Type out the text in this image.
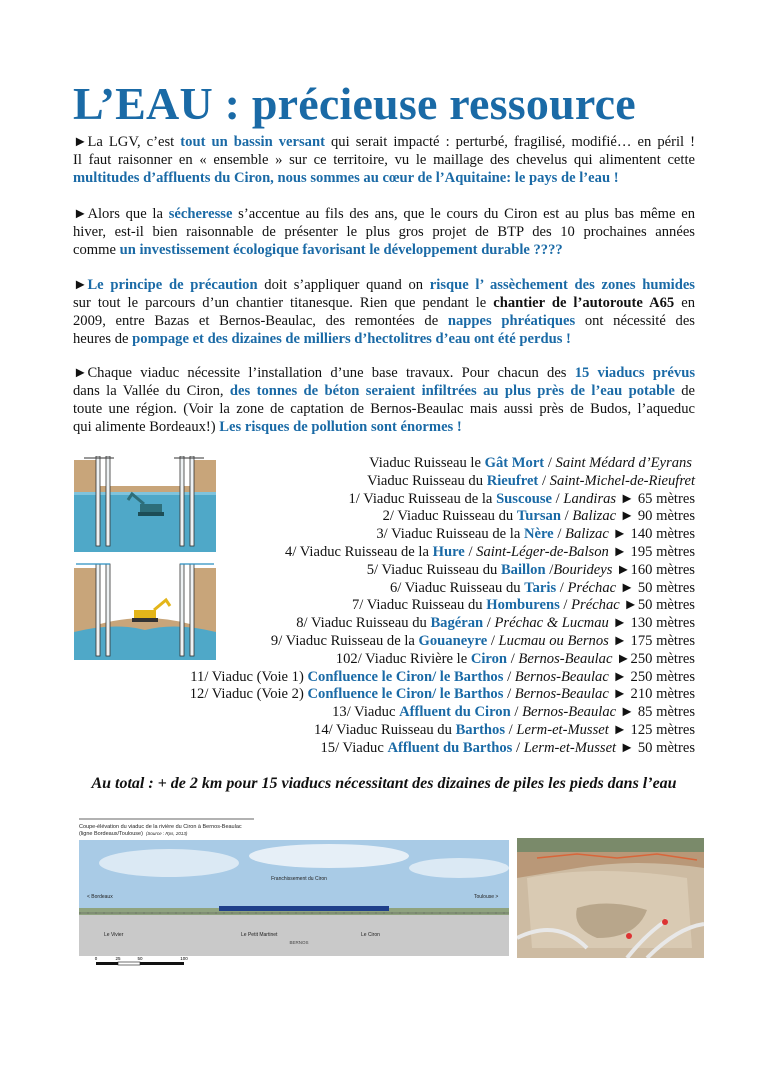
L’EAU : précieuse ressource
►La LGV, c’est tout un bassin versant qui serait impacté : perturbé, fragilisé, modifié… en péril !
Il faut raisonner en « ensemble » sur ce territoire, vu le maillage des chevelus qui alimentent cette
multitudes d’affluents du Ciron, nous sommes au cœur de l’Aquitaine: le pays de l’eau !
►Alors que la sécheresse s’accentue au fils des ans, que le cours du Ciron est au plus bas même en
hiver, est-il bien raisonnable de présenter le plus gros projet de BTP des 10 prochaines années
comme un investissement écologique favorisant le développement durable ????
►Le principe de précaution doit s’appliquer quand on risque l’ assèchement des zones humides
sur tout le parcours d’un chantier titanesque. Rien que pendant le chantier de l’autoroute A65 en
2009, entre Bazas et Bernos-Beaulac, des remontées de nappes phréatiques ont nécessité des
heures de pompage et des dizaines de milliers d’hectolitres d’eau ont été perdus !
►Chaque viaduc nécessite l’installation d’une base travaux. Pour chacun des 15 viaducs prévus
dans la Vallée du Ciron, des tonnes de béton seraient infiltrées au plus près de l’eau potable de
toute une région. (Voir la zone de captation de Bernos-Beaulac mais aussi près de Budos, l’aqueduc
qui alimente Bordeaux!) Les risques de pollution sont énormes !
Viaduc Ruisseau le Gât Mort / Saint Médard d’Eyrans
Viaduc Ruisseau du Rieufret / Saint-Michel-de-Rieufret
1/ Viaduc Ruisseau de la Suscouse / Landiras ► 65 mètres
2/ Viaduc Ruisseau du Tursan / Balizac ► 90 mètres
3/ Viaduc Ruisseau de la Nère / Balizac ► 140 mètres
4/ Viaduc Ruisseau de la Hure / Saint-Léger-de-Balson ► 195 mètres
5/ Viaduc Ruisseau du Baillon /Bourideys ►160 mètres
6/ Viaduc Ruisseau du Taris / Préchac ► 50 mètres
7/ Viaduc Ruisseau du Homburens / Préchac ►50 mètres
8/ Viaduc Ruisseau du Bagéran / Préchac & Lucmau ► 130 mètres
9/ Viaduc Ruisseau de la Gouaneyre / Lucmau ou Bernos ► 175 mètres
102/ Viaduc Rivière le Ciron / Bernos-Beaulac ►250 mètres
11/ Viaduc (Voie 1) Confluence le Ciron/ le Barthos / Bernos-Beaulac ► 250 mètres
12/ Viaduc (Voie 2) Confluence le Ciron/ le Barthos / Bernos-Beaulac ► 210 mètres
13/ Viaduc Affluent du Ciron / Bernos-Beaulac ► 85 mètres
14/ Viaduc Ruisseau du Barthos / Lerm-et-Musset ► 125 mètres
15/ Viaduc Affluent du Barthos / Lerm-et-Musset ► 50 mètres
Au total : + de 2 km pour 15 viaducs nécessitant des dizaines de piles les pieds dans l’eau
Coupe-élévation du viaduc de la rivière du Ciron à Bernos-Beaulac
(ligne Bordeaux/Toulouse) (Source : Rps, 2013)
Franchissement du Ciron
< Bordeaux	Toulouse >
Le Vivier	Le Petit Martinet	Le Ciron
BERNOS
0	25	50	100
